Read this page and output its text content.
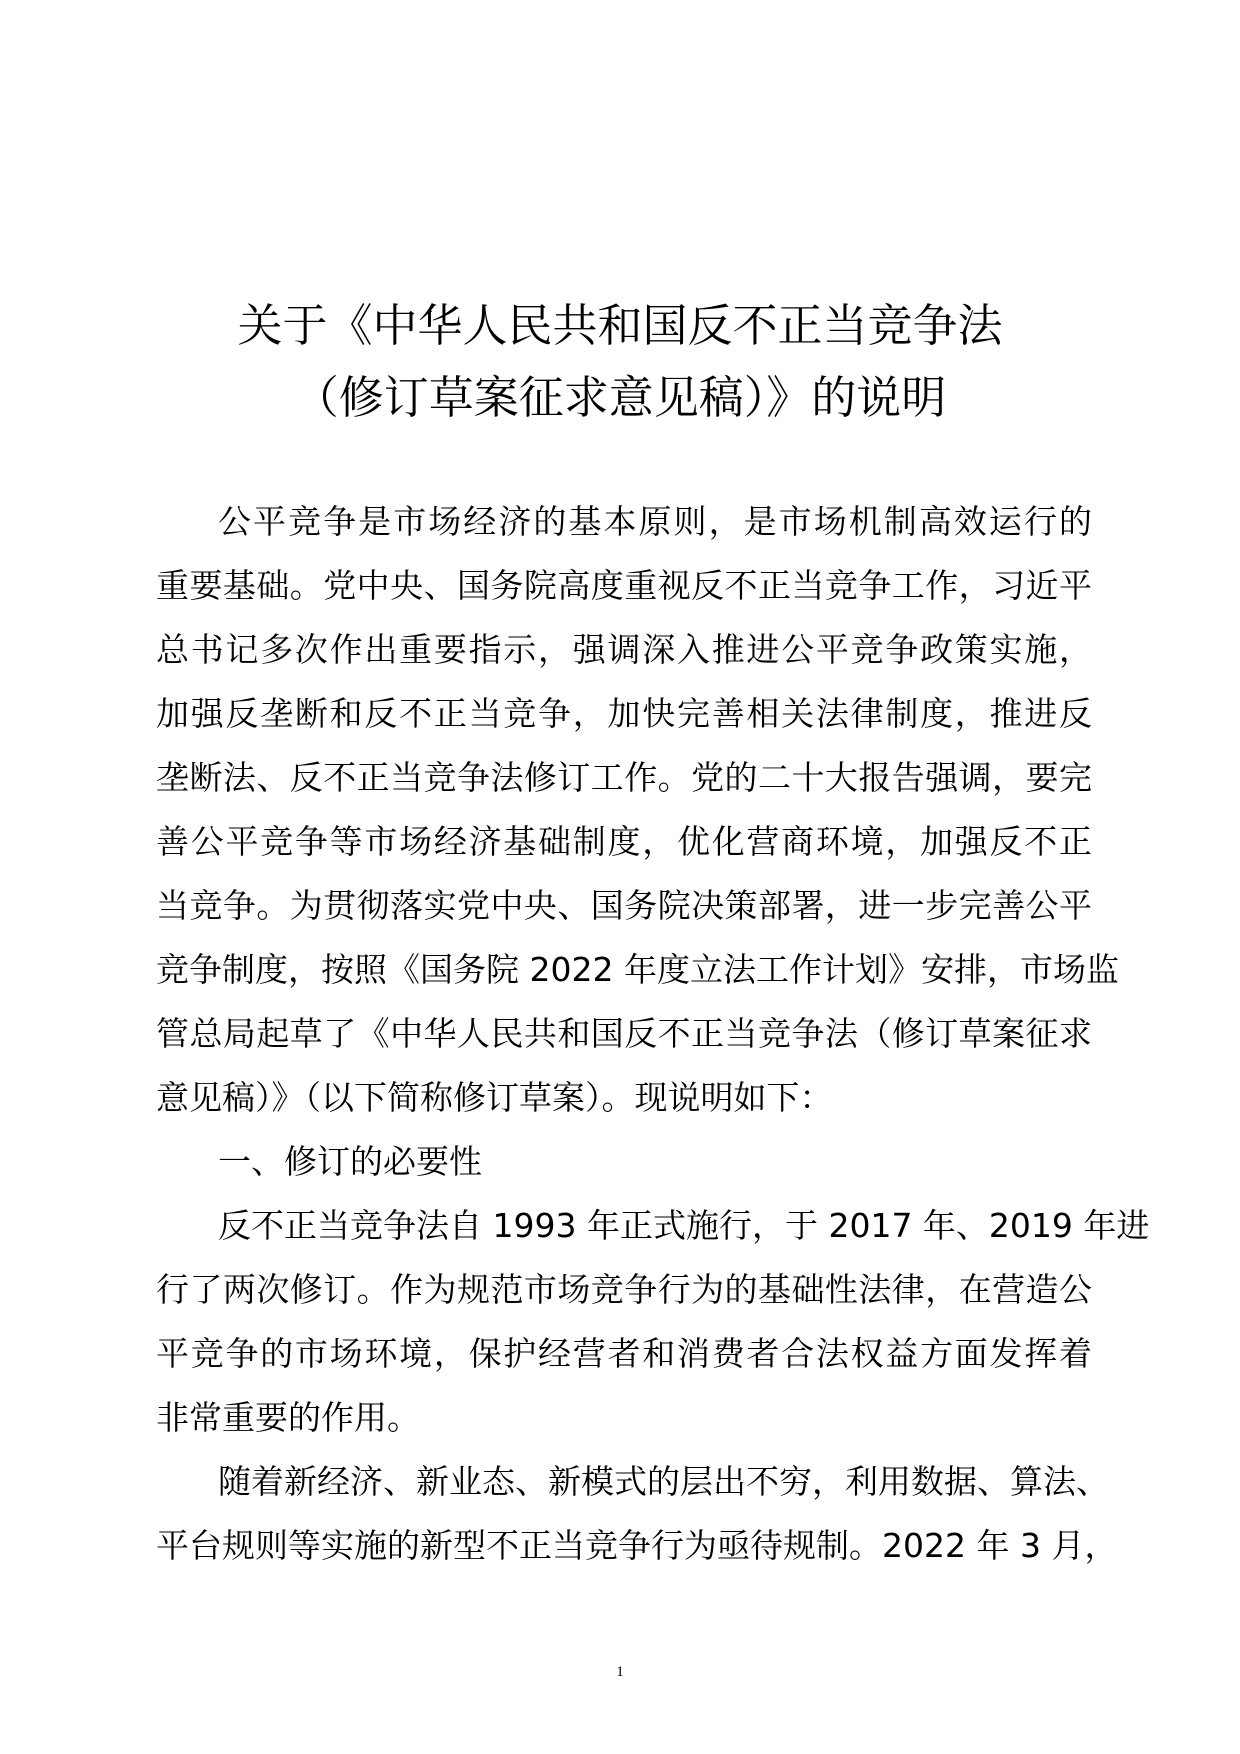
关于《中华人民共和国反不正当竞争法
（修订草案征求意见稿）》的说明
公平竞争是市场经济的基本原则，是市场机制高效运行的
重要基础。党中央、国务院高度重视反不正当竞争工作，习近平
总书记多次作出重要指示，强调深入推进公平竞争政策实施，
加强反垄断和反不正当竞争，加快完善相关法律制度，推进反
垄断法、反不正当竞争法修订工作。党的二十大报告强调，要完
善公平竞争等市场经济基础制度，优化营商环境，加强反不正
当竞争。为贯彻落实党中央、国务院决策部署，进一步完善公平
竞争制度，按照《国务院 2022 年度立法工作计划》安排，市场监
管总局起草了《中华人民共和国反不正当竞争法（修订草案征求
意见稿）》（以下简称修订草案）。现说明如下：
一、修订的必要性
反不正当竞争法自 1993 年正式施行，于 2017 年、2019 年进
行了两次修订。作为规范市场竞争行为的基础性法律，在营造公
平竞争的市场环境，保护经营者和消费者合法权益方面发挥着
非常重要的作用。
随着新经济、新业态、新模式的层出不穷，利用数据、算法、
平台规则等实施的新型不正当竞争行为亟待规制。2022 年 3 月，
1
